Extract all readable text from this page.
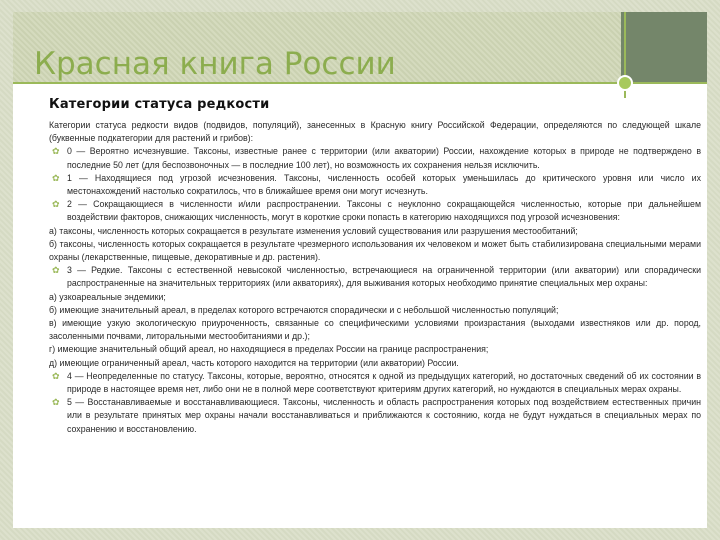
Красная книга России
Категории статуса редкости

Категории статуса редкости видов (подвидов, популяций), занесенных в Красную книгу Российской Федерации, определяются по следующей шкале (буквенные подкатегории для растений и грибов):

✿ 0 — Вероятно исчезнувшие. Таксоны, известные ранее с территории (или акватории) России, нахождение которых в природе не подтверждено в последние 50 лет (для беспозвоночных — в последние 100 лет), но возможность их сохранения нельзя исключить.
✿ 1 — Находящиеся под угрозой исчезновения. Таксоны, численность особей которых уменьшилась до критического уровня или число их местонахождений настолько сократилось, что в ближайшее время они могут исчезнуть.
✿ 2 — Сокращающиеся в численности и/или распространении. Таксоны с неуклонно сокращающейся численностью, которые при дальнейшем воздействии факторов, снижающих численность, могут в короткие сроки попасть в категорию находящихся под угрозой исчезновения:

а) таксоны, численность которых сокращается в результате изменения условий существования или разрушения местообитаний;

б) таксоны, численность которых сокращается в результате чрезмерного использования их человеком и может быть стабилизирована специальными мерами охраны (лекарственные, пищевые, декоративные и др. растения).

✿ 3 — Редкие. Таксоны с естественной невысокой численностью, встречающиеся на ограниченной территории (или акватории) или спорадически распространенные на значительных территориях (или акваториях), для выживания которых необходимо принятие специальных мер охраны:

а) узкоареальные эндемики;

б) имеющие значительный ареал, в пределах которого встречаются спорадически и с небольшой численностью популяций;

в) имеющие узкую экологическую приуроченность, связанные со специфическими условиями произрастания (выходами известняков или др. пород, засоленными почвами, литоральными местообитаниями и др.);

г) имеющие значительный общий ареал, но находящиеся в пределах России на границе распространения;

д) имеющие ограниченный ареал, часть которого находится на территории (или акватории) России.

✿ 4 — Неопределенные по статусу. Таксоны, которые, вероятно, относятся к одной из предыдущих категорий, но достаточных сведений об их состоянии в природе в настоящее время нет, либо они не в полной мере соответствуют критериям других категорий, но нуждаются в специальных мерах охраны.
✿ 5 — Восстанавливаемые и восстанавливающиеся. Таксоны, численность и область распространения которых под воздействием естественных причин или в результате принятых мер охраны начали восстанавливаться и приближаются к состоянию, когда не будут нуждаться в специальных мерах по сохранению и восстановлению.
